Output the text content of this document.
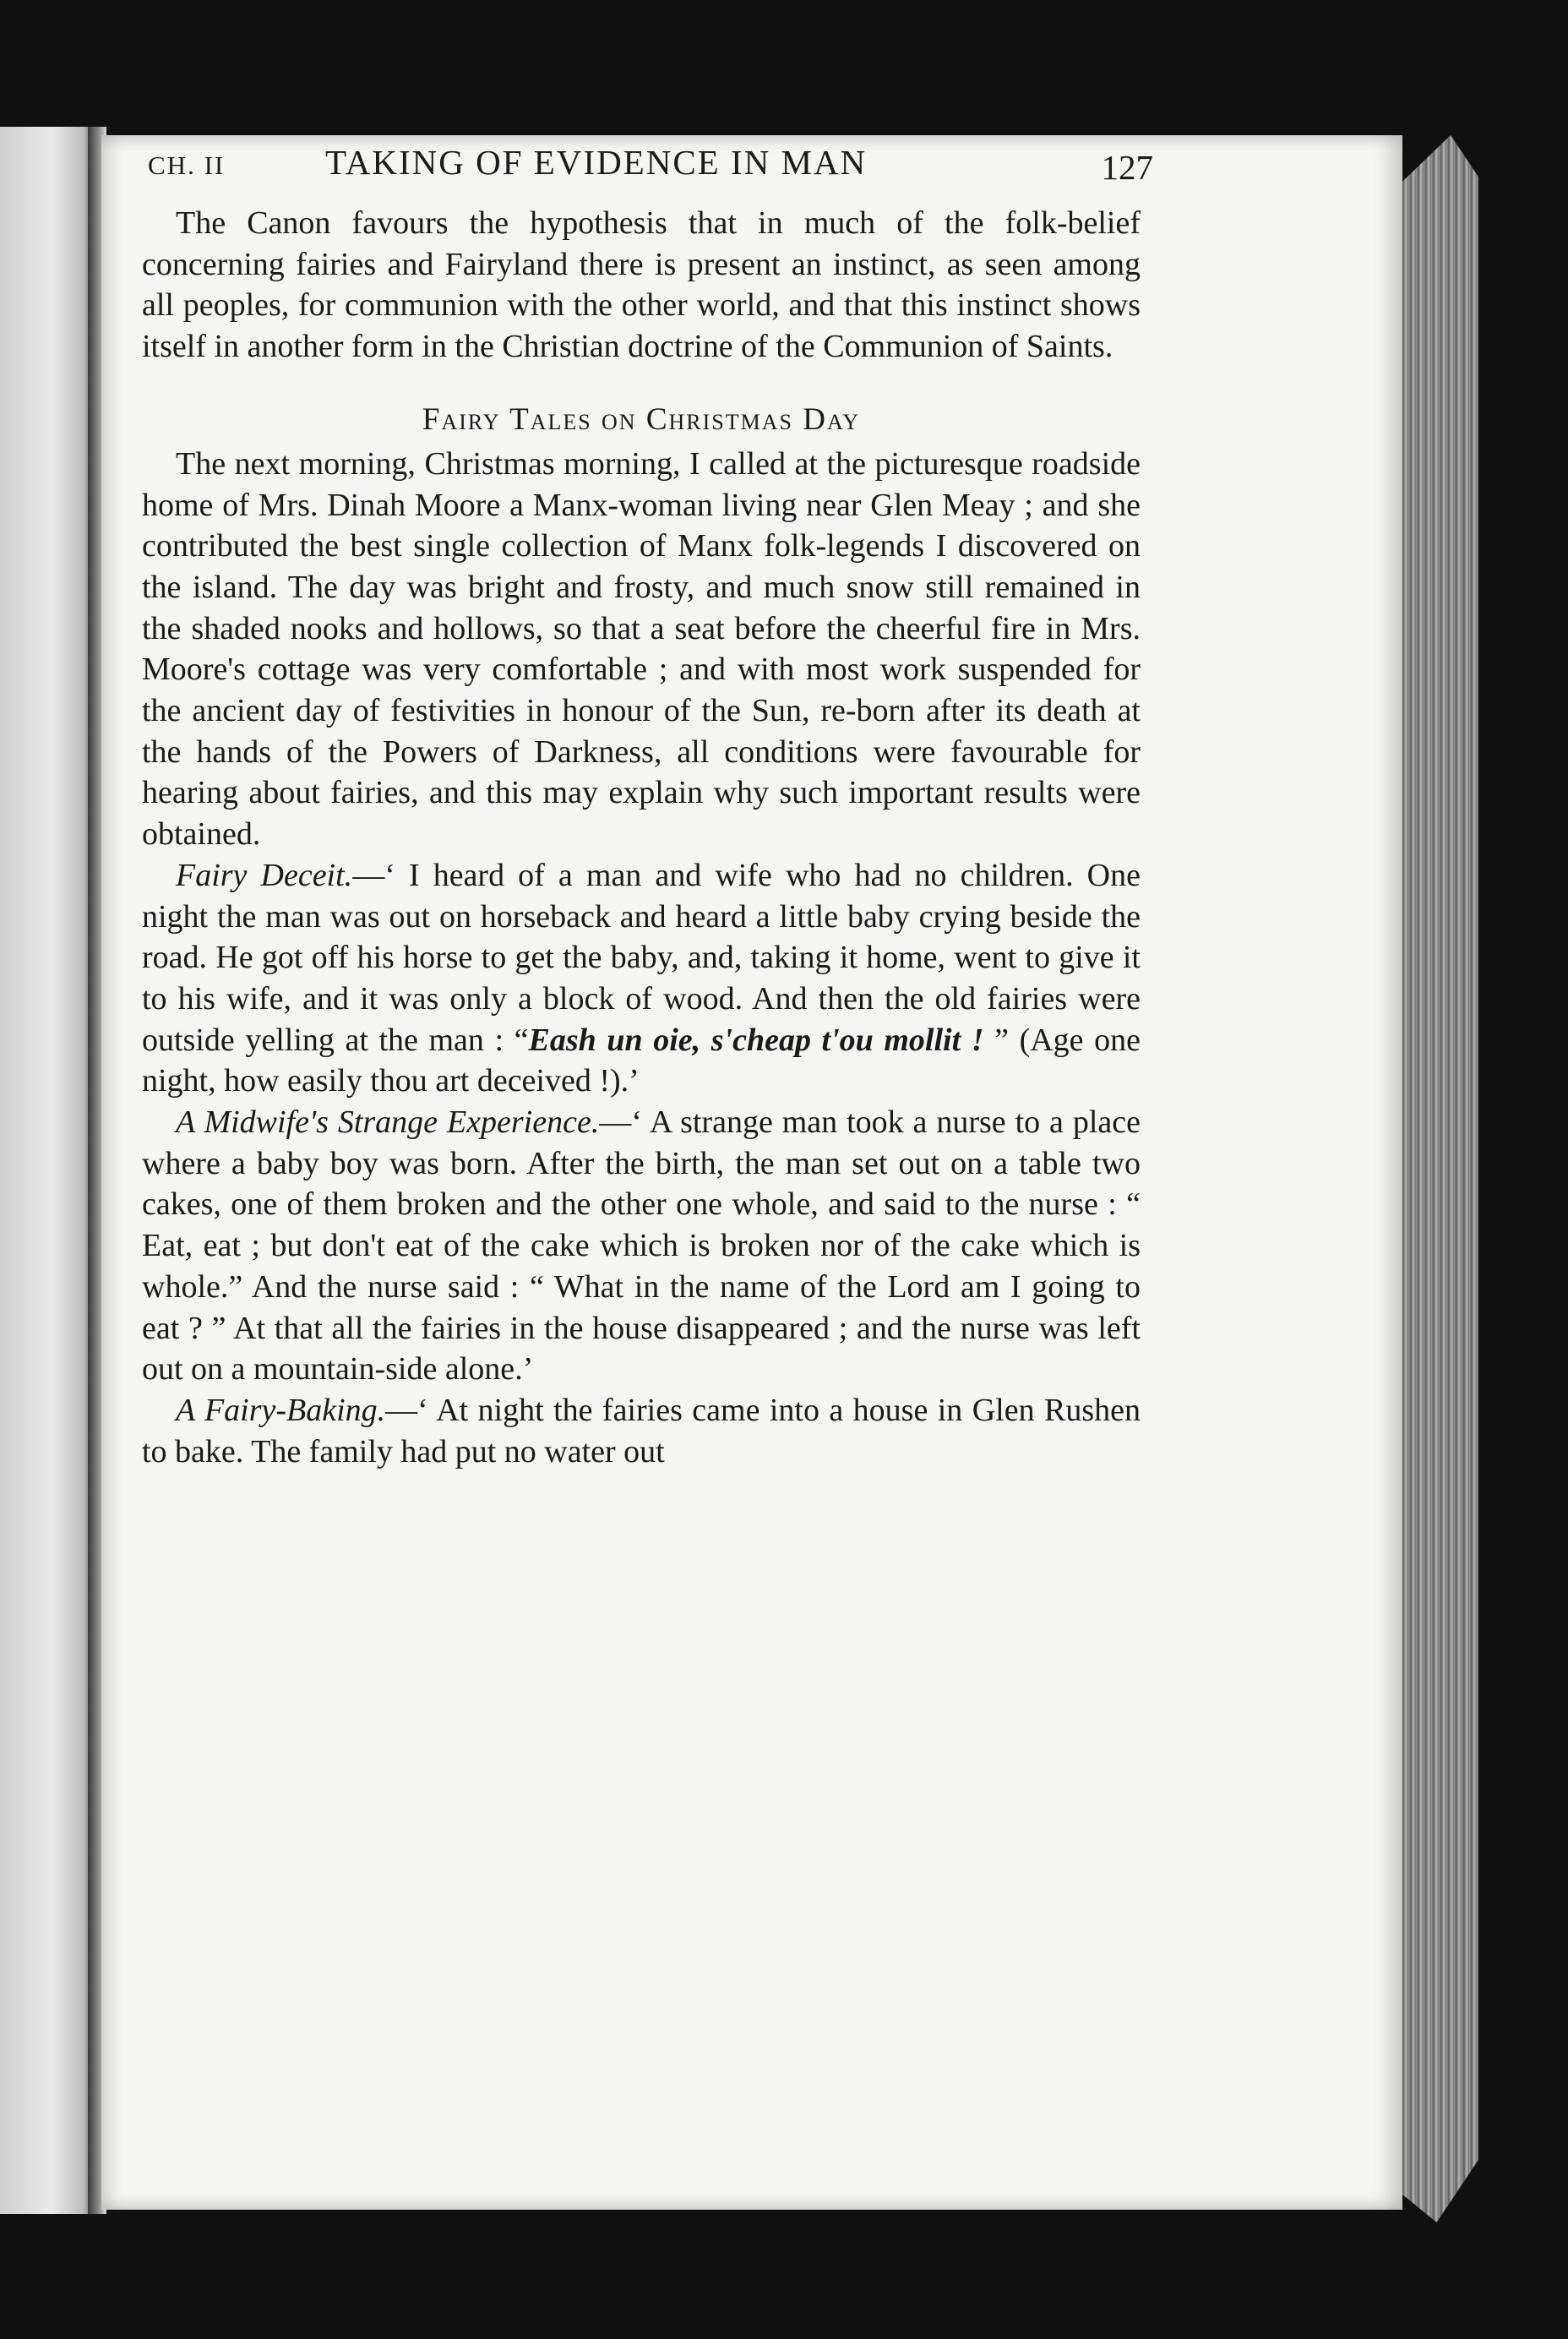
CH. II	TAKING OF EVIDENCE IN MAN	127

The Canon favours the hypothesis that in much of the folk-belief concerning fairies and Fairyland there is present an instinct, as seen among all peoples, for communion with the other world, and that this instinct shows itself in another form in the Christian doctrine of the Communion of Saints.

Fairy Tales on Christmas Day

The next morning, Christmas morning, I called at the picturesque roadside home of Mrs. Dinah Moore a Manx-woman living near Glen Meay ; and she contributed the best single collection of Manx folk-legends I discovered on the island. The day was bright and frosty, and much snow still remained in the shaded nooks and hollows, so that a seat before the cheerful fire in Mrs. Moore's cottage was very comfortable ; and with most work suspended for the ancient day of festivities in honour of the Sun, re-born after its death at the hands of the Powers of Darkness, all conditions were favourable for hearing about fairies, and this may explain why such important results were obtained.

Fairy Deceit.—‘ I heard of a man and wife who had no children. One night the man was out on horseback and heard a little baby crying beside the road. He got off his horse to get the baby, and, taking it home, went to give it to his wife, and it was only a block of wood. And then the old fairies were outside yelling at the man : “Eash un oie, s'cheap t'ou mollit ! ” (Age one night, how easily thou art deceived !).’

A Midwife's Strange Experience.—‘ A strange man took a nurse to a place where a baby boy was born. After the birth, the man set out on a table two cakes, one of them broken and the other one whole, and said to the nurse : “ Eat, eat ; but don't eat of the cake which is broken nor of the cake which is whole.” And the nurse said : “ What in the name of the Lord am I going to eat ? ” At that all the fairies in the house disappeared ; and the nurse was left out on a mountain-side alone.’

A Fairy-Baking.—‘ At night the fairies came into a house in Glen Rushen to bake. The family had put no water out
